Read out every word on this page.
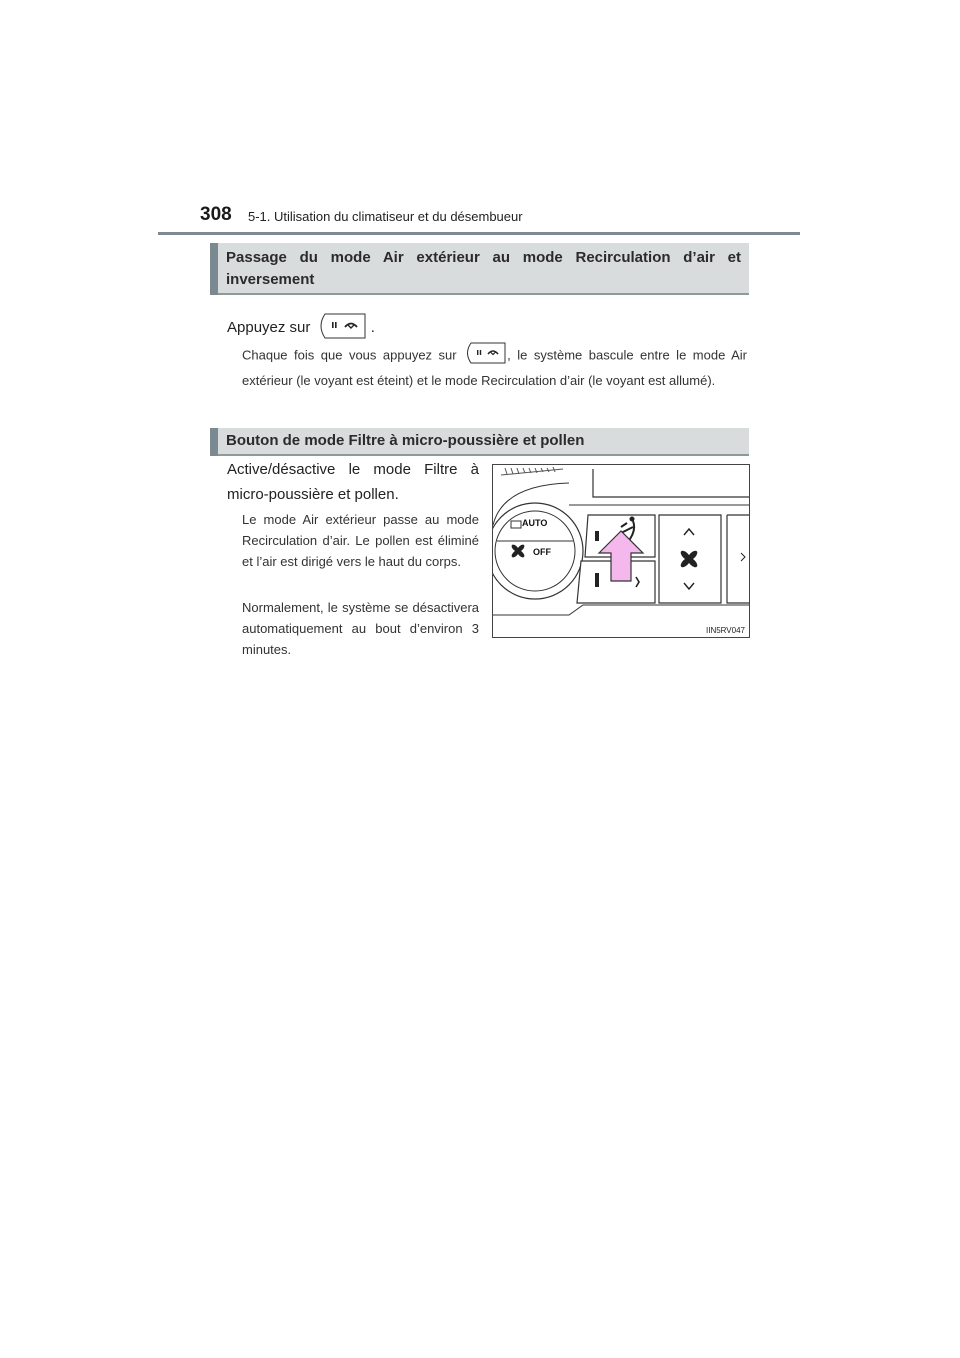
308 5-1. Utilisation du climatiseur et du désembueur
Passage du mode Air extérieur au mode Recirculation d’air et inversement
Appuyez sur	.
Chaque fois que vous appuyez sur	, le système bascule entre le mode Air extérieur (le voyant est éteint) et le mode Recirculation d’air (le voyant est allumé).
Bouton de mode Filtre à micro-poussière et pollen
Active/désactive le mode Filtre à micro-poussière et pollen.
Le mode Air extérieur passe au mode Recirculation d’air. Le pollen est éliminé et l’air est dirigé vers le haut du corps.
Normalement, le système se désactivera automatiquement au bout d’environ 3 minutes.
AUTO
OFF
IIN5RV047
